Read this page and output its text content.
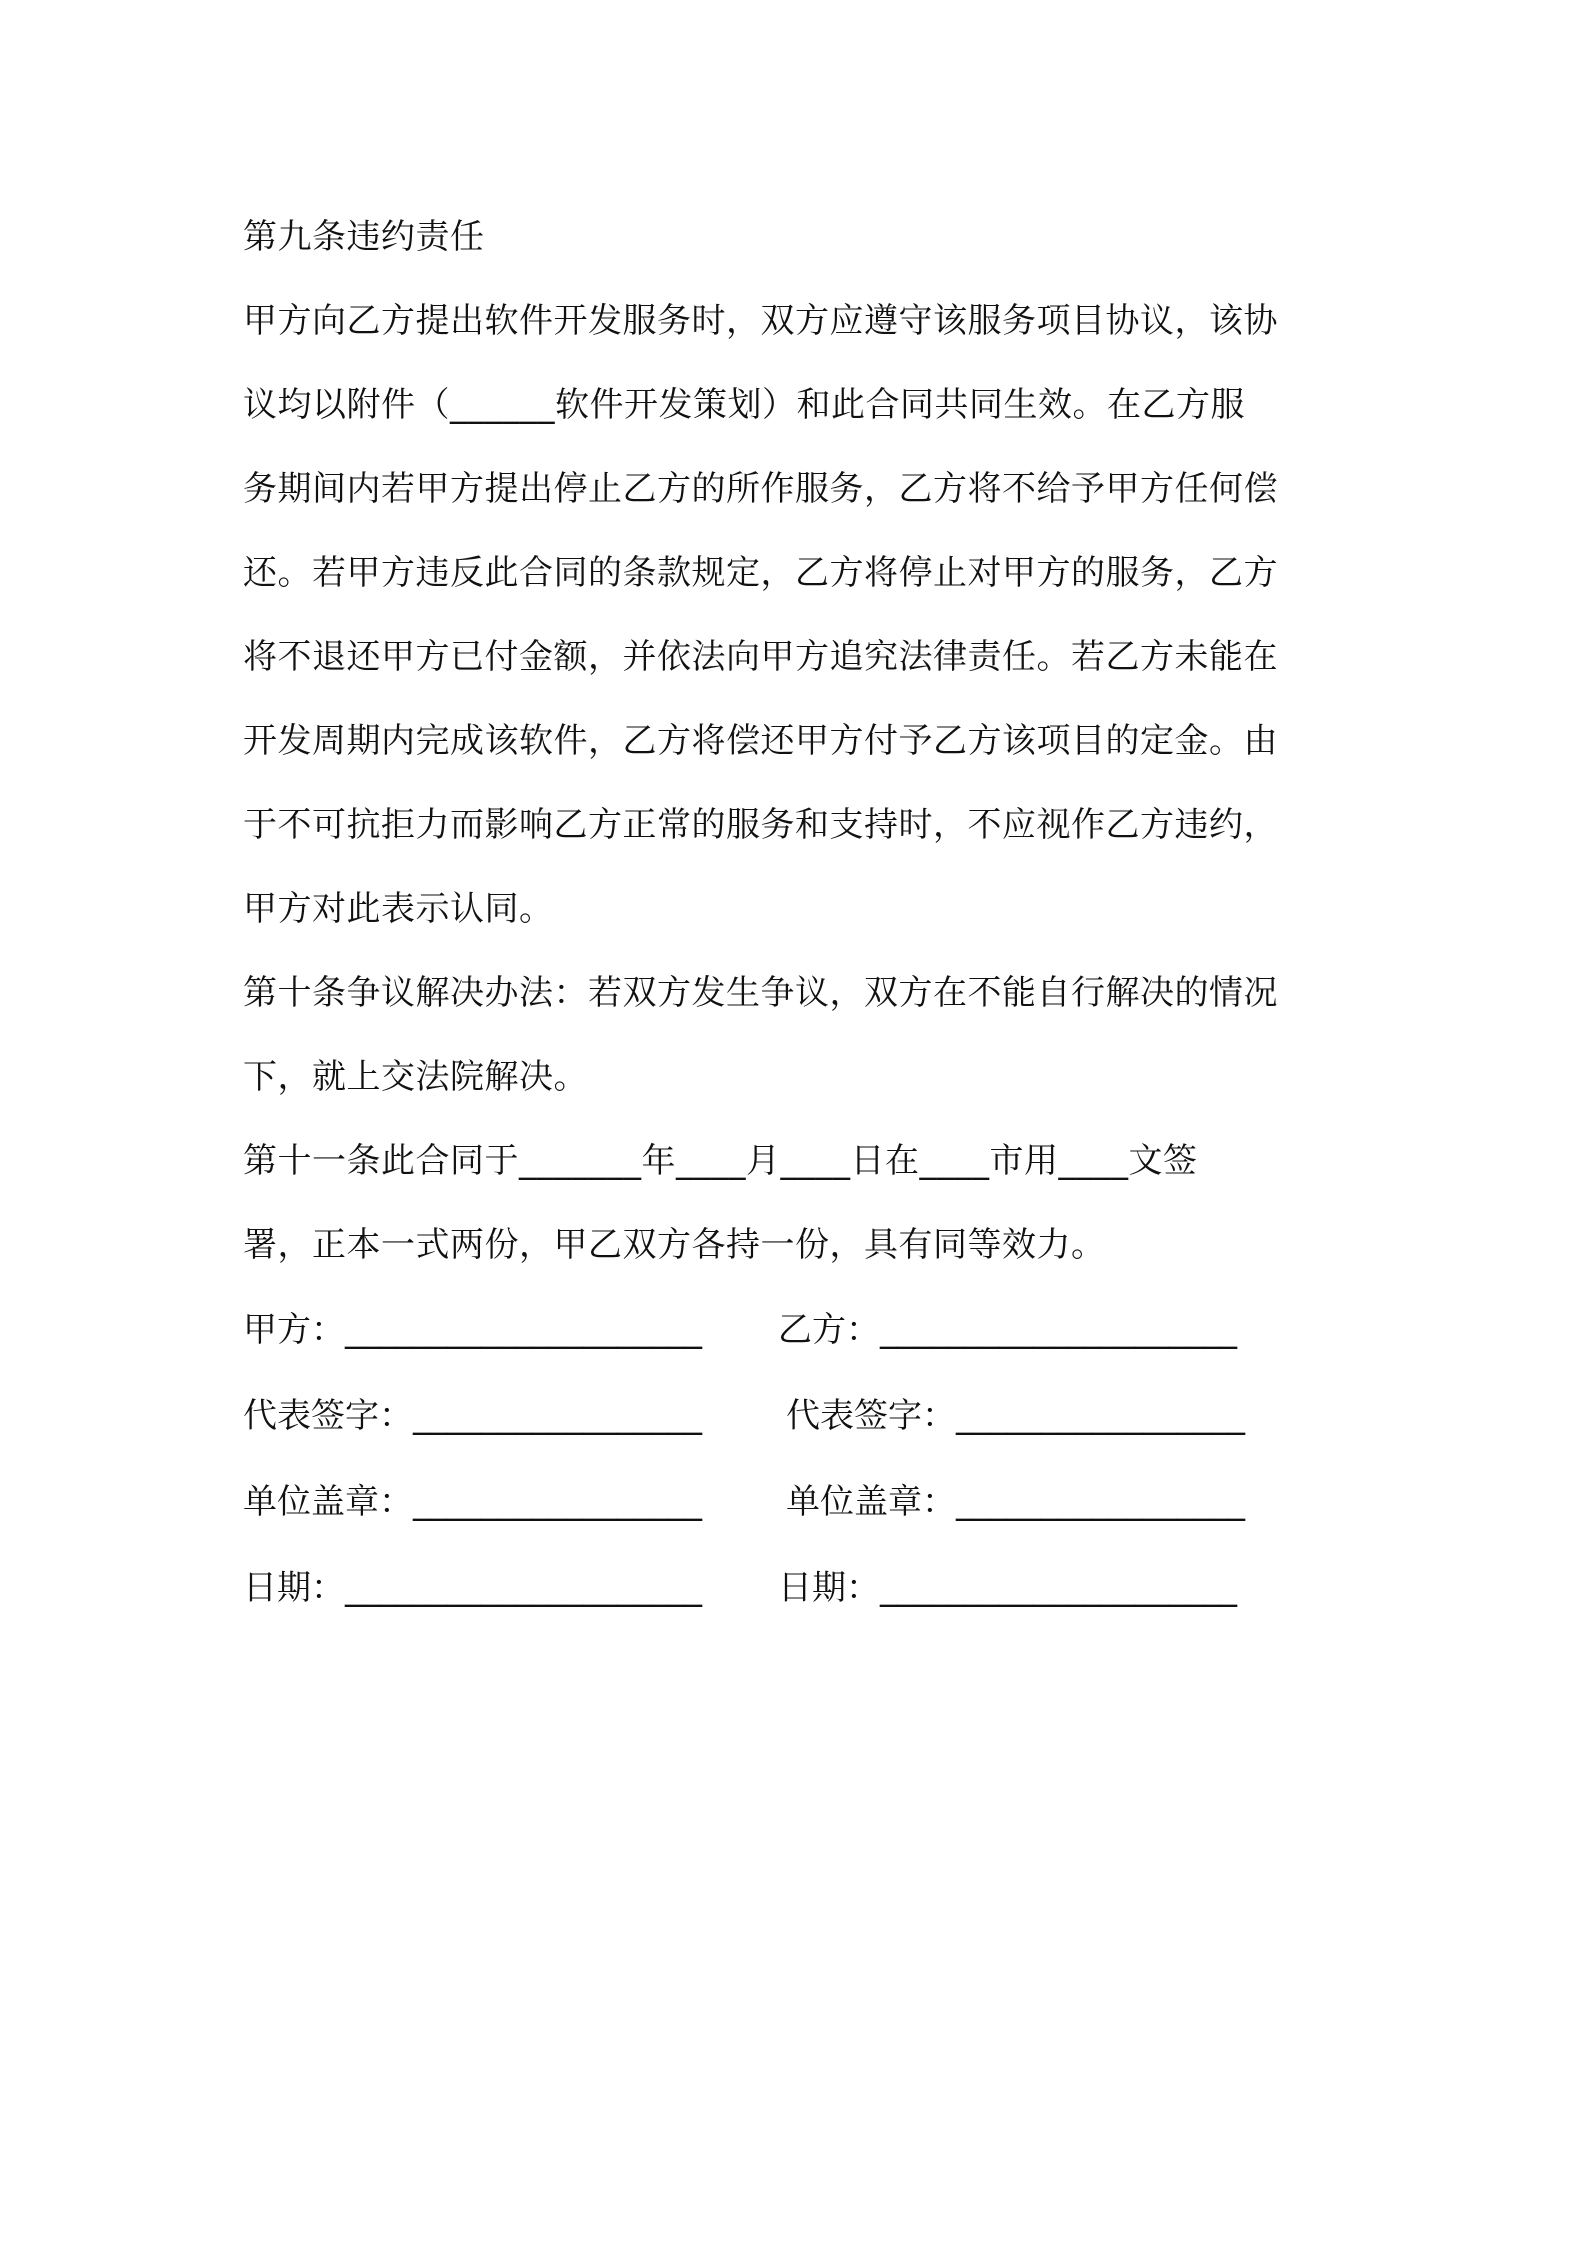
第九条违约责任
甲方向乙方提出软件开发服务时，双方应遵守该服务项目协议，该协
议均以附件（______软件开发策划）和此合同共同生效。在乙方服
务期间内若甲方提出停止乙方的所作服务，乙方将不给予甲方任何偿
还。若甲方违反此合同的条款规定，乙方将停止对甲方的服务，乙方
将不退还甲方已付金额，并依法向甲方追究法律责任。若乙方未能在
开发周期内完成该软件，乙方将偿还甲方付予乙方该项目的定金。由
于不可抗拒力而影响乙方正常的服务和支持时，不应视作乙方违约，
甲方对此表示认同。
第十条争议解决办法：若双方发生争议，双方在不能自行解决的情况
下，就上交法院解决。
第十一条此合同于_______年____月____日在____市用____文签
署，正本一式两份，甲乙双方各持一份，具有同等效力。
甲方：_____________________ 乙方：_____________________
代表签字：_________________ 代表签字：_________________
单位盖章：_________________ 单位盖章：_________________
日期：_____________________ 日期：_____________________
